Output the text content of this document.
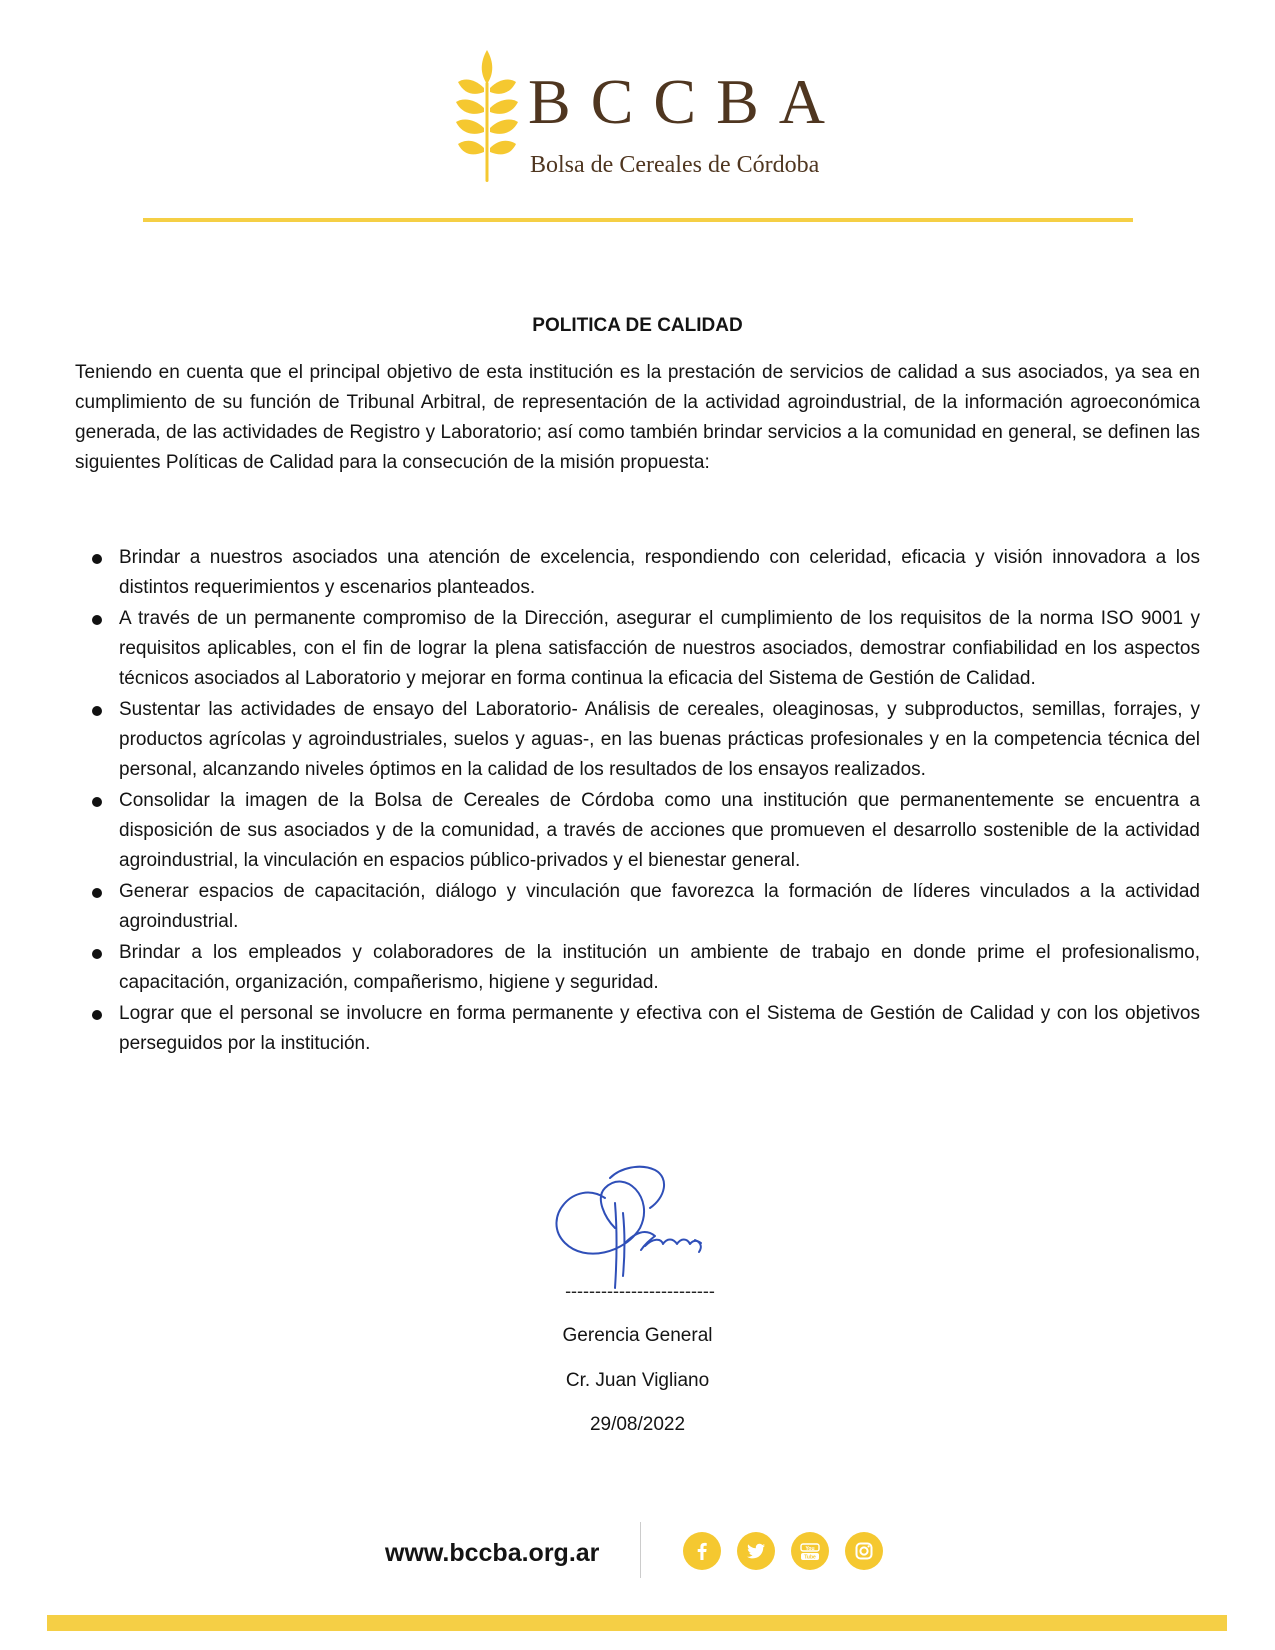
BCCBA

Bolsa de Cereales de Córdoba

POLITICA DE CALIDAD

Teniendo en cuenta que el principal objetivo de esta institución es la prestación de servicios de calidad a sus asociados, ya sea en cumplimiento de su función de Tribunal Arbitral, de representación de la actividad agroindustrial, de la información agroeconómica generada, de las actividades de Registro y Laboratorio; así como también brindar servicios a la comunidad en general, se definen las siguientes Políticas de Calidad para la consecución de la misión propuesta:

Brindar a nuestros asociados una atención de excelencia, respondiendo con celeridad, eficacia y visión innovadora a los distintos requerimientos y escenarios planteados.
A través de un permanente compromiso de la Dirección, asegurar el cumplimiento de los requisitos de la norma ISO 9001 y requisitos aplicables, con el fin de lograr la plena satisfacción de nuestros asociados, demostrar confiabilidad en los aspectos técnicos asociados al Laboratorio y mejorar en forma continua la eficacia del Sistema de Gestión de Calidad.
Sustentar las actividades de ensayo del Laboratorio- Análisis de cereales, oleaginosas, y subproductos, semillas, forrajes, y productos agrícolas y agroindustriales, suelos y aguas-, en las buenas prácticas profesionales y en la competencia técnica del personal, alcanzando niveles óptimos en la calidad de los resultados de los ensayos realizados.
Consolidar la imagen de la Bolsa de Cereales de Córdoba como una institución que permanentemente se encuentra a disposición de sus asociados y de la comunidad, a través de acciones que promueven el desarrollo sostenible de la actividad agroindustrial, la vinculación en espacios público-privados y el bienestar general.
Generar espacios de capacitación, diálogo y vinculación que favorezca la formación de líderes vinculados a la actividad agroindustrial.
Brindar a los empleados y colaboradores de la institución un ambiente de trabajo en donde prime el profesionalismo, capacitación, organización, compañerismo, higiene y seguridad.
Lograr que el personal se involucre en forma permanente y efectiva con el Sistema de Gestión de Calidad y con los objetivos perseguidos por la institución.

-------------------------

Gerencia General

Cr. Juan Vigliano

29/08/2022

www.bccba.org.ar	You
Tube
